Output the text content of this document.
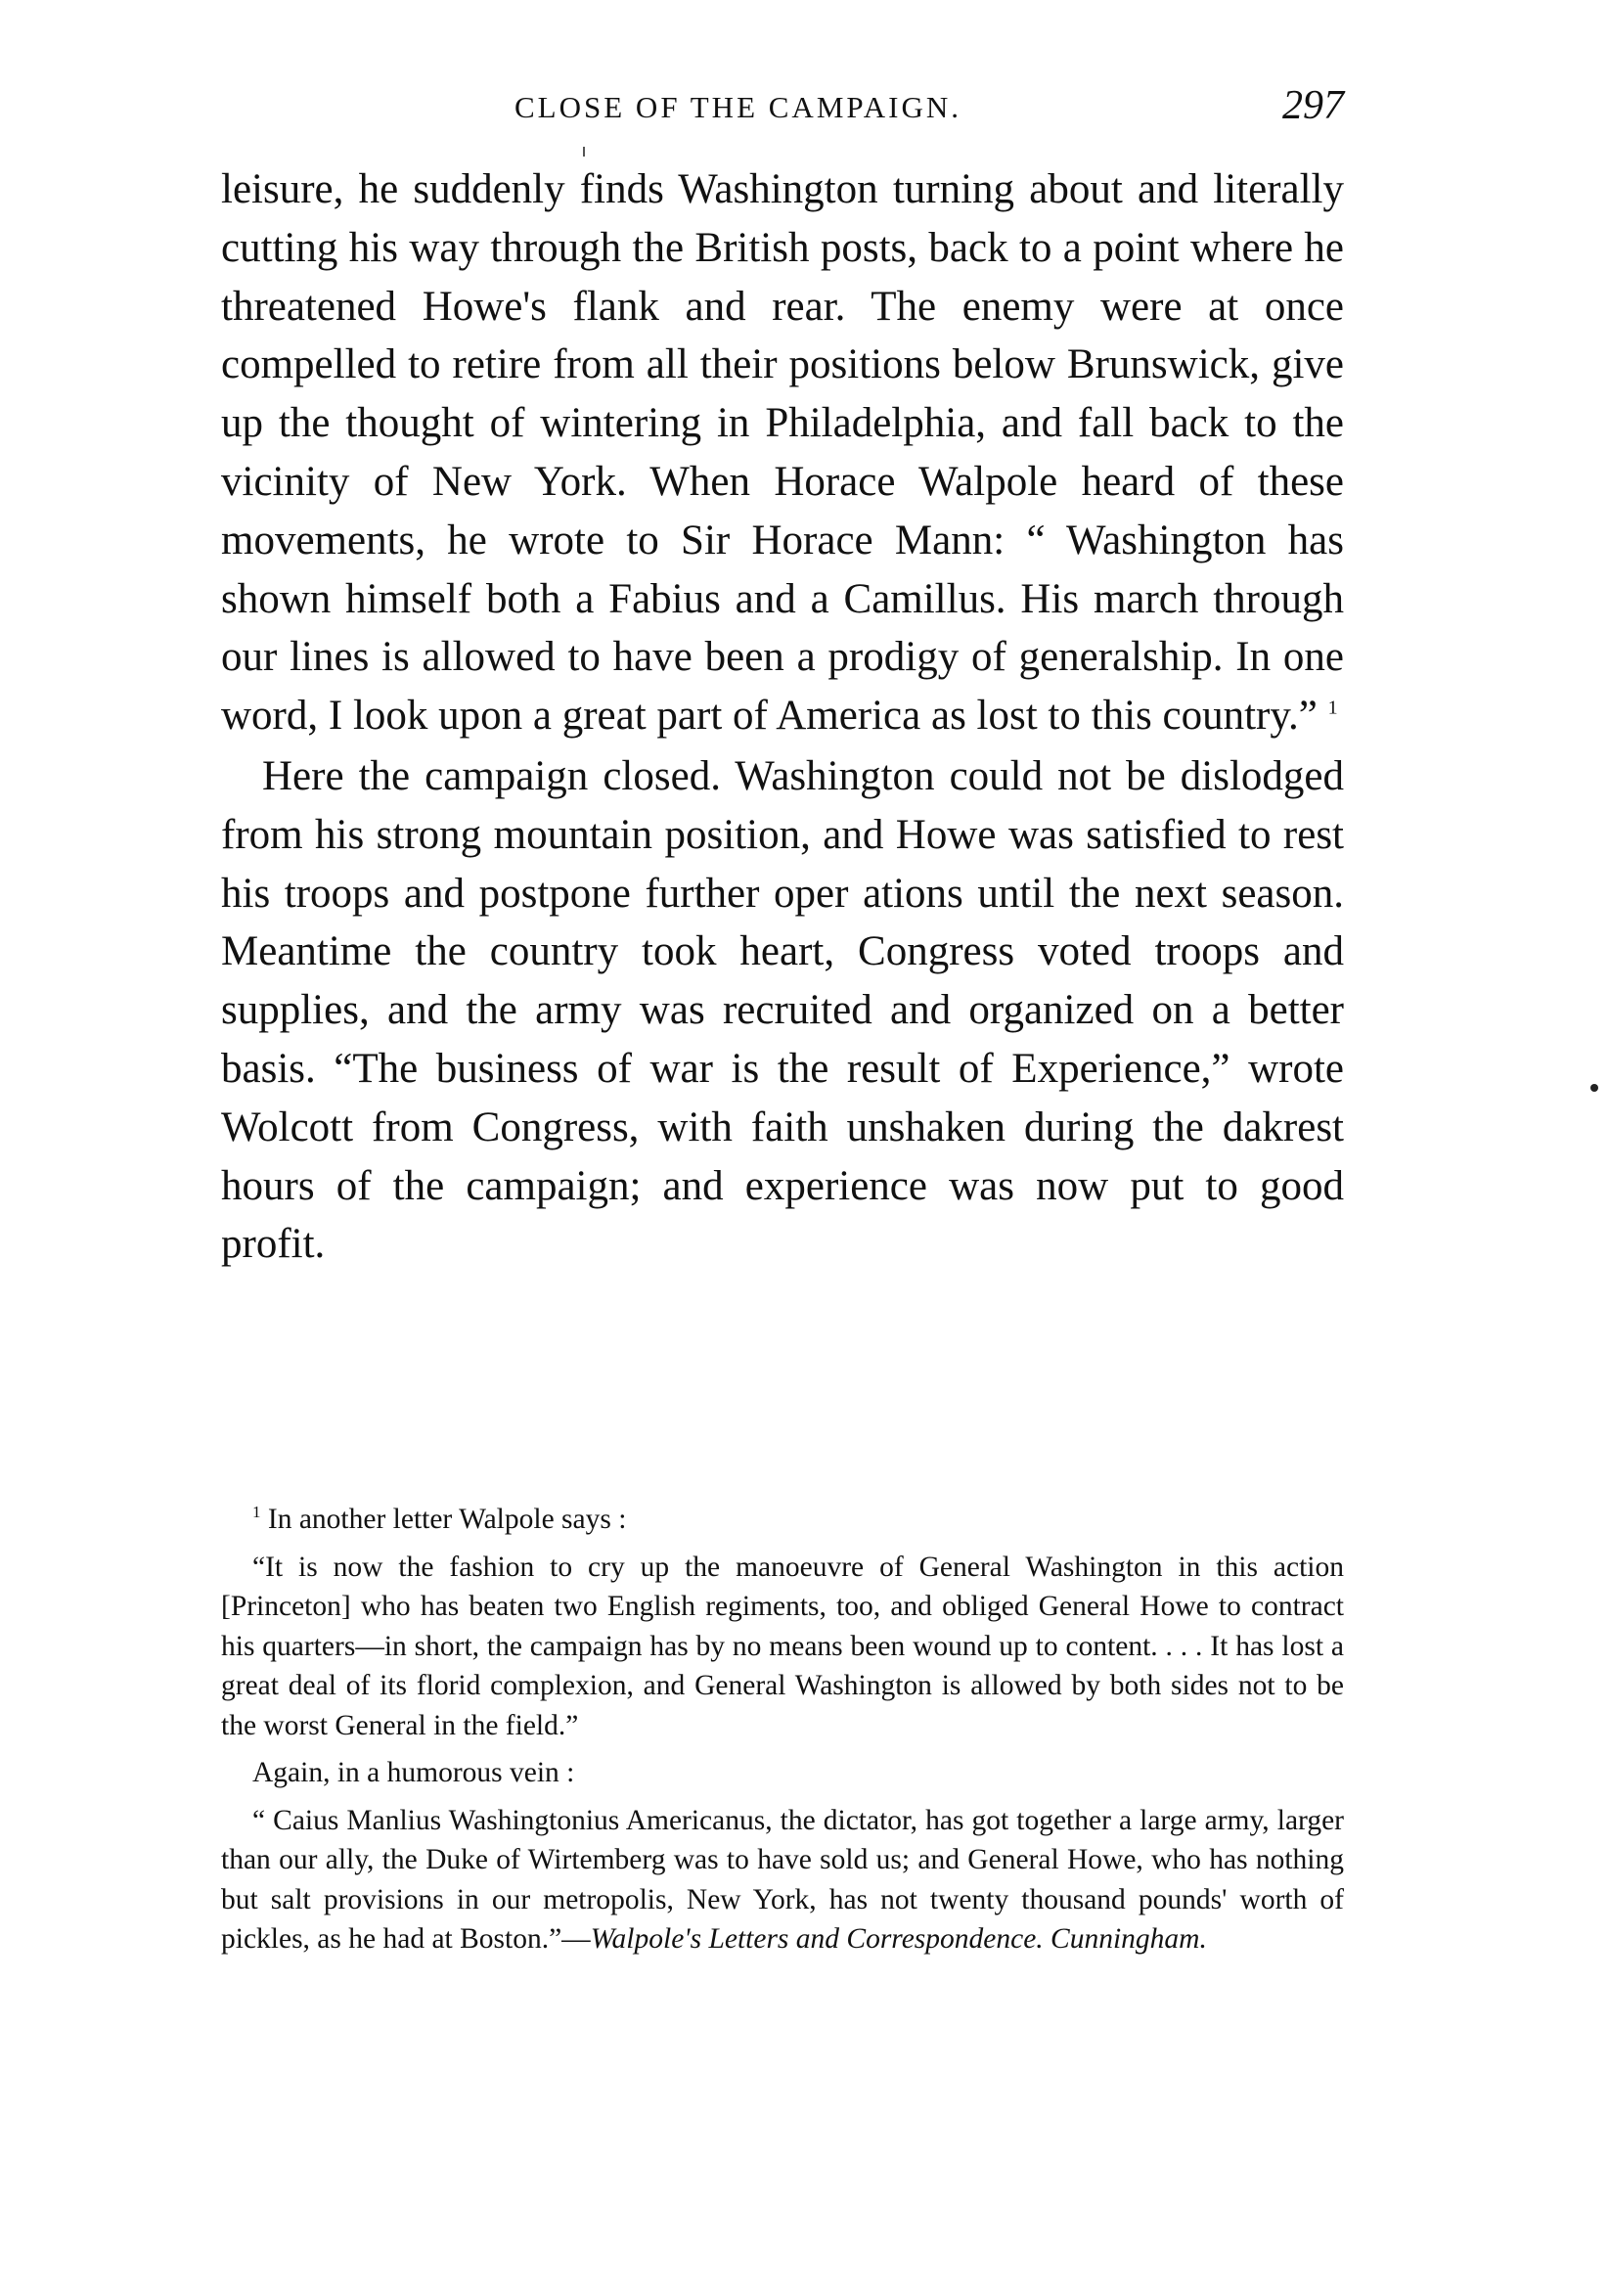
CLOSE OF THE CAMPAIGN.	297

leisure, he suddenly finds Washington turning about and literally cutting his way through the British posts, back to a point where he threatened Howe's flank and rear. The enemy were at once compelled to retire from all their positions below Brunswick, give up the thought of wintering in Philadelphia, and fall back to the vicinity of New York. When Horace Walpole heard of these movements, he wrote to Sir Horace Mann: “ Washington has shown himself both a Fabius and a Camillus. His march through our lines is allowed to have been a prodigy of generalship. In one word, I look upon a great part of America as lost to this country.” $^1$

Here the campaign closed. Washington could not be dislodged from his strong mountain position, and Howe was satisfied to rest his troops and postpone further oper ations until the next season. Meantime the country took heart, Congress voted troops and supplies, and the army was recruited and organized on a better basis. “The business of war is the result of Experience,” wrote Wolcott from Congress, with faith unshaken during the dakrest hours of the campaign; and experience was now put to good profit.

$^1$ In another letter Walpole says :

“It is now the fashion to cry up the manoeuvre of General Washington in this action [Princeton] who has beaten two English regiments, too, and obliged General Howe to contract his quarters—in short, the campaign has by no means been wound up to content. . . . It has lost a great deal of its florid complexion, and General Washington is allowed by both sides not to be the worst General in the field.”

Again, in a humorous vein :

“ Caius Manlius Washingtonius Americanus, the dictator, has got together a large army, larger than our ally, the Duke of Wirtemberg was to have sold us; and General Howe, who has nothing but salt provisions in our metropolis, New York, has not twenty thousand pounds' worth of pickles, as he had at Boston.”—Walpole's Letters and Correspondence. Cunningham.
